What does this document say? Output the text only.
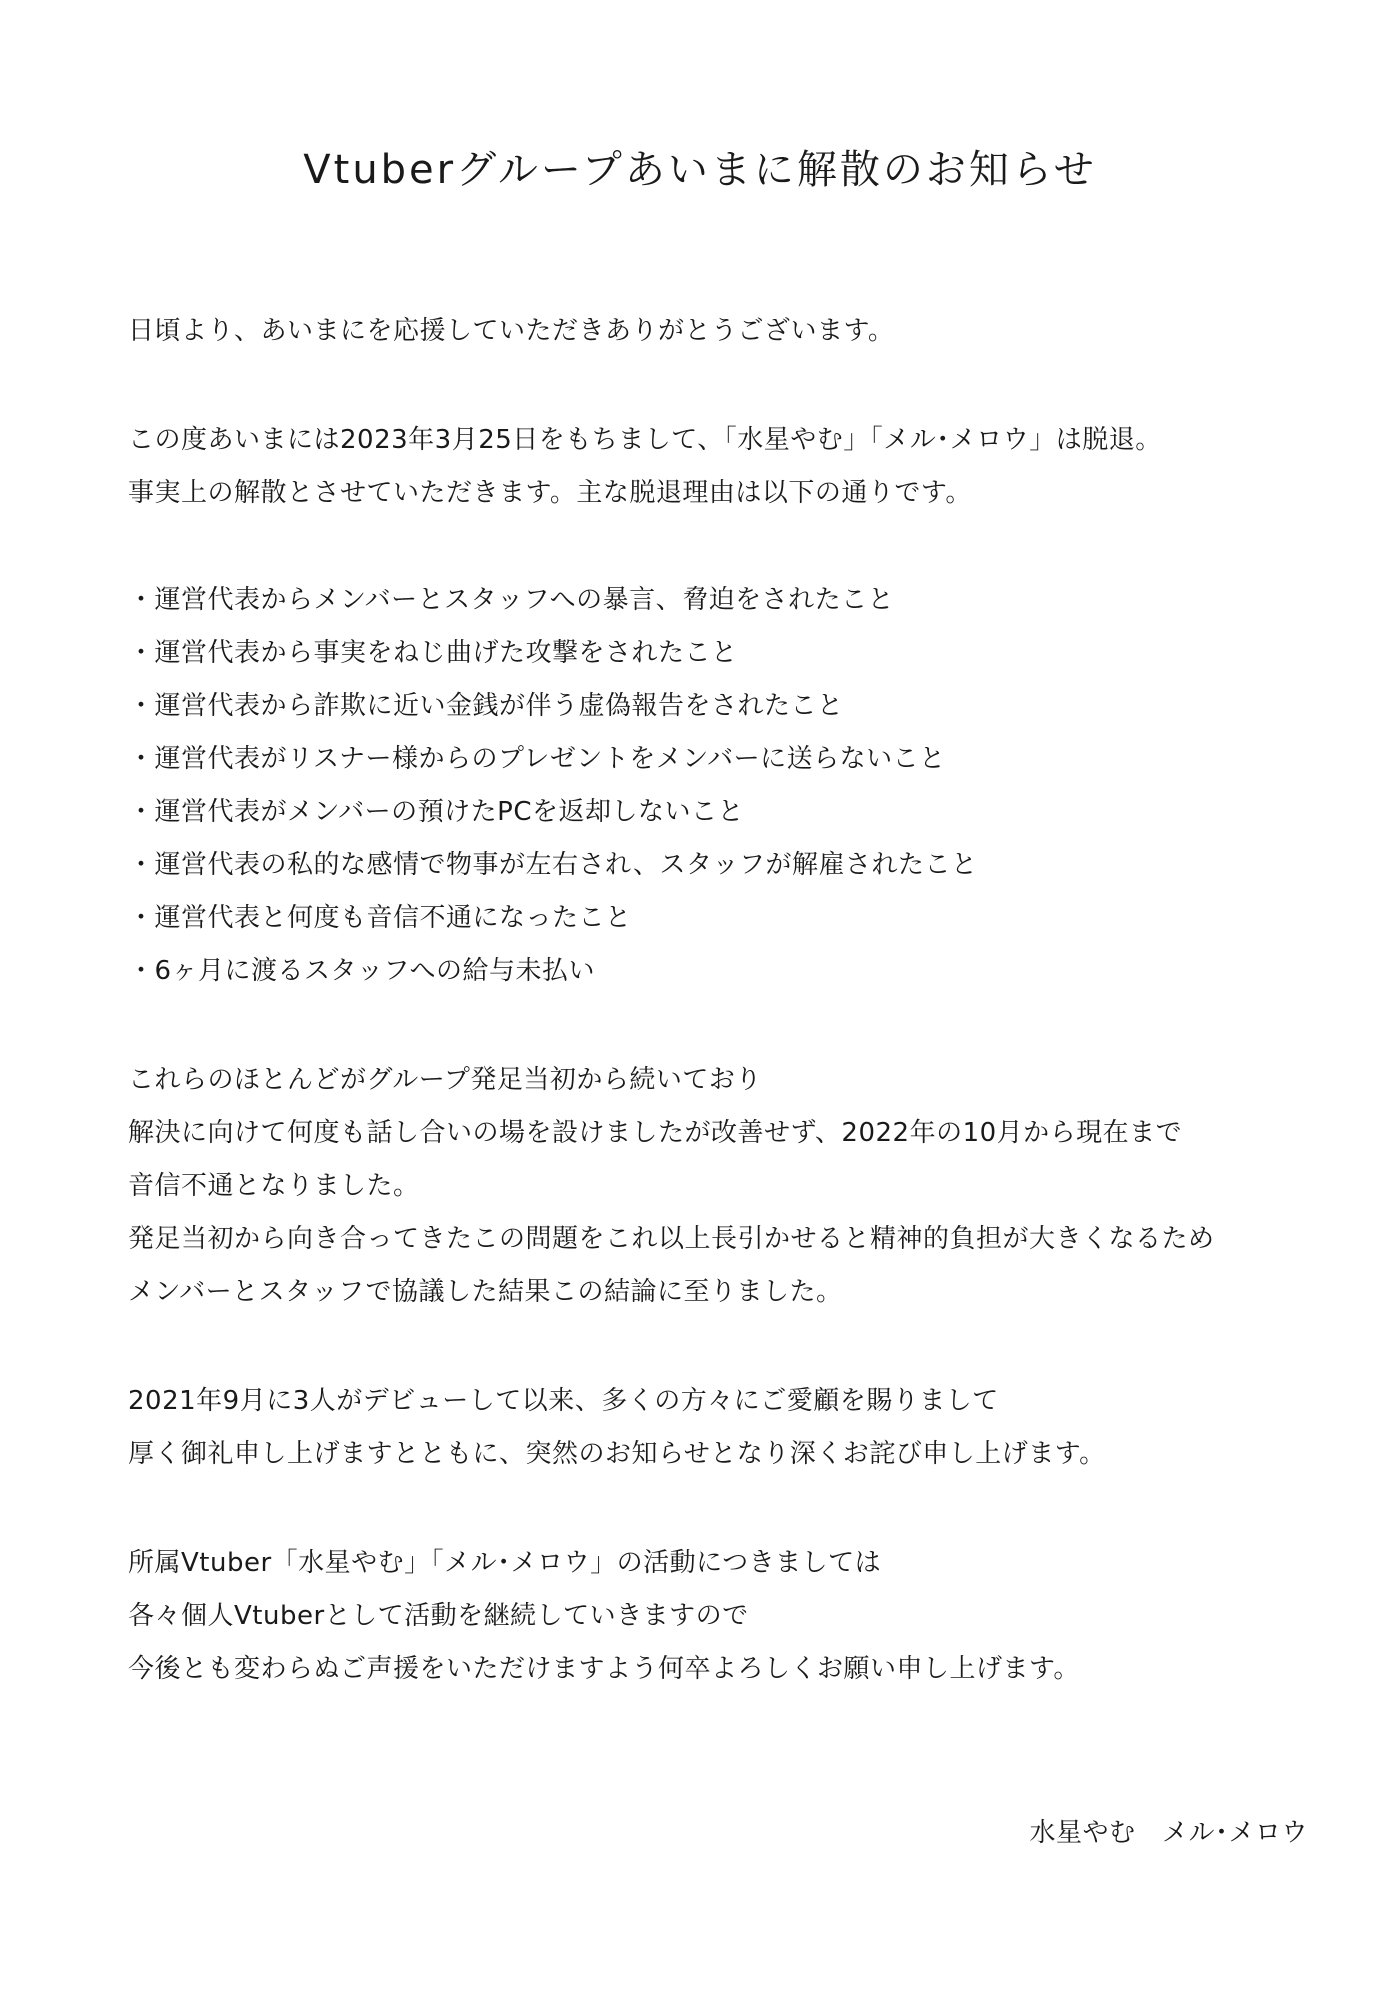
Vtuberグループあいまに解散のお知らせ
日頃より、あいまにを応援していただきありがとうございます。
この度あいまには2023年3月25日をもちまして、「水星やむ」「メル･メロウ」は脱退。
事実上の解散とさせていただきます。主な脱退理由は以下の通りです。
・運営代表からメンバーとスタッフへの暴言、脅迫をされたこと
・運営代表から事実をねじ曲げた攻撃をされたこと
・運営代表から詐欺に近い金銭が伴う虚偽報告をされたこと
・運営代表がリスナー様からのプレゼントをメンバーに送らないこと
・運営代表がメンバーの預けたPCを返却しないこと
・運営代表の私的な感情で物事が左右され、スタッフが解雇されたこと
・運営代表と何度も音信不通になったこと
・6ヶ月に渡るスタッフへの給与未払い
これらのほとんどがグループ発足当初から続いており
解決に向けて何度も話し合いの場を設けましたが改善せず、2022年の10月から現在まで
音信不通となりました。
発足当初から向き合ってきたこの問題をこれ以上長引かせると精神的負担が大きくなるため
メンバーとスタッフで協議した結果この結論に至りました。
2021年9月に3人がデビューして以来、多くの方々にご愛顧を賜りまして
厚く御礼申し上げますとともに、突然のお知らせとなり深くお詫び申し上げます。
所属Vtuber「水星やむ」「メル･メロウ」の活動につきましては
各々個人Vtuberとして活動を継続していきますので
今後とも変わらぬご声援をいただけますよう何卒よろしくお願い申し上げます。
水星やむ　メル･メロウ
